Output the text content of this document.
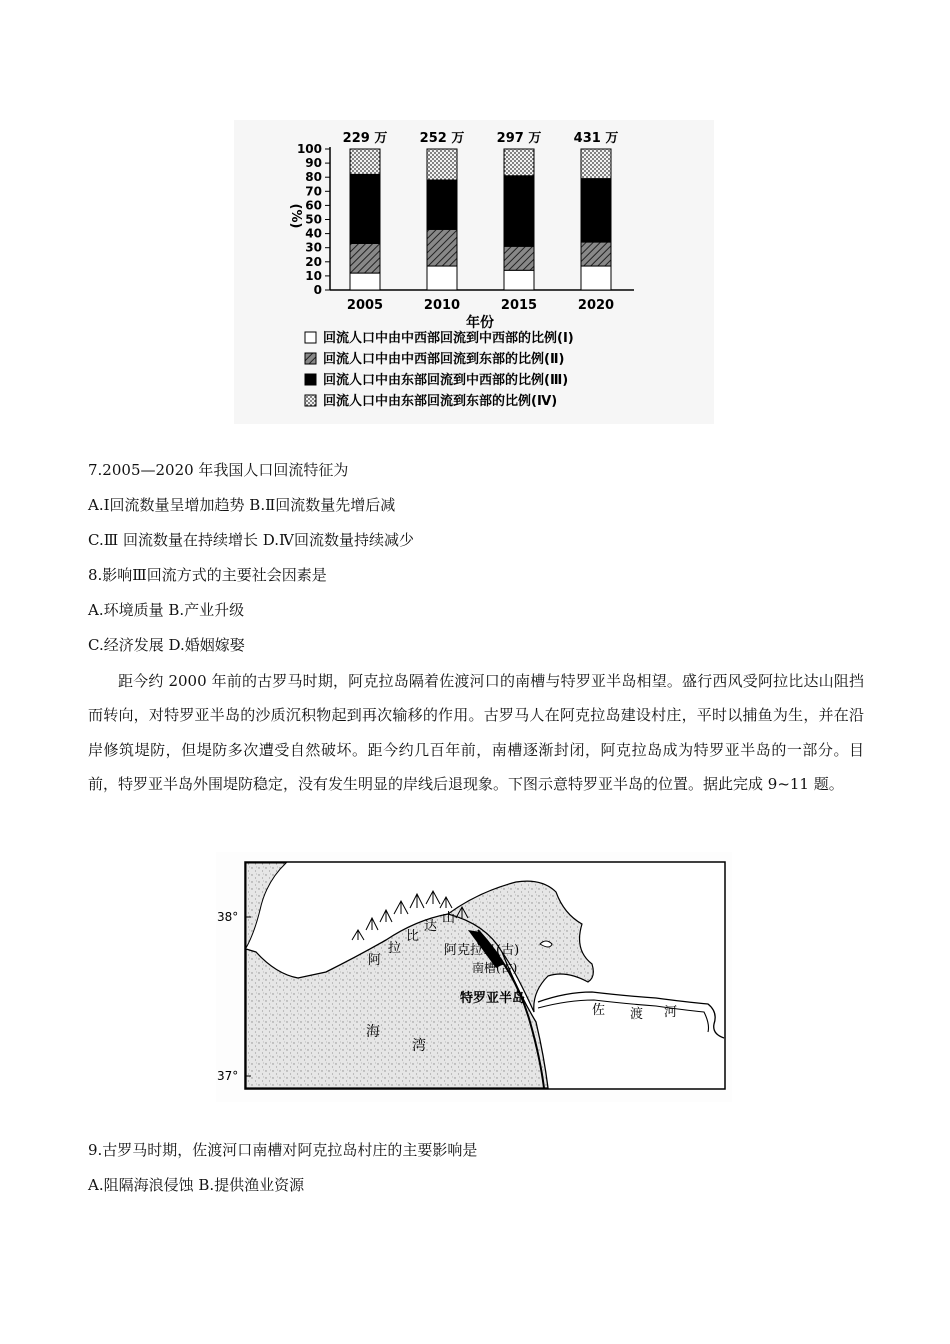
(%)
年份
100
90
80
70
60
50
40
30
20
10
0
2005	2010	2015	2020
229 万 252 万 297 万 431 万
回流人口中由中西部回流到中西部的比例(Ⅰ)
回流人口中由中西部回流到东部的比例(Ⅱ)
回流人口中由东部回流到中西部的比例(Ⅲ)
回流人口中由东部回流到东部的比例(Ⅳ)
7.2005—2020 年我国人口回流特征为
A.Ⅰ回流数量呈增加趋势 B.Ⅱ回流数量先增后减
C.Ⅲ 回流数量在持续增长 D.Ⅳ回流数量持续减少
8.影响Ⅲ回流方式的主要社会因素是
A.环境质量 B.产业升级
C.经济发展 D.婚姻嫁娶

距今约 2000 年前的古罗马时期，阿克拉岛隔着佐渡河口的南槽与特罗亚半岛相望。盛行西风受阿拉比达山阻挡而转向，对特罗亚半岛的沙质沉积物起到再次输移的作用。古罗马人在阿克拉岛建设村庄，平时以捕鱼为生，并在沿岸修筑堤防，但堤防多次遭受自然破坏。距今约几百年前，南槽逐渐封闭，阿克拉岛成为特罗亚半岛的一部分。目前，特罗亚半岛外围堤防稳定，没有发生明显的岸线后退现象。下图示意特罗亚半岛的位置。据此完成 9~11 题。

38°
37°
阿
拉
比
达
山
阿克拉岛(古)
南槽(古)
特罗亚半岛
佐 渡 河
海
湾
9.古罗马时期，佐渡河口南槽对阿克拉岛村庄的主要影响是
A.阻隔海浪侵蚀 B.提供渔业资源
